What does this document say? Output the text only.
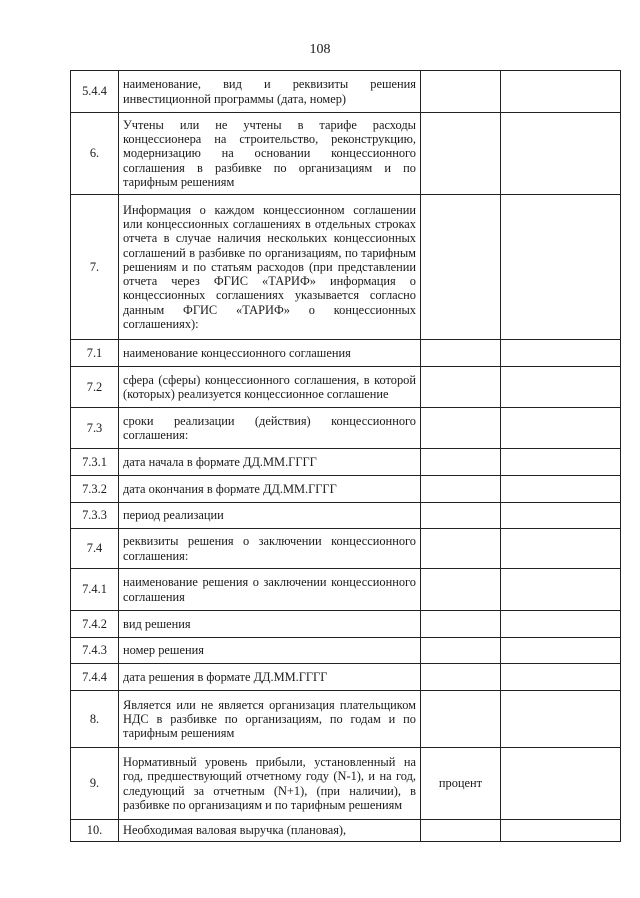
108
5.4.4	наименование, вид и реквизиты решения инвестиционной программы (дата, номер)		
6.	Учтены или не учтены в тарифе расходы концессионера на строительство, реконструкцию, модернизацию на основании концессионного соглашения в разбивке по организациям и по тарифным решениям		
7.	Информация о каждом концессионном соглашении или концессионных соглашениях в отдельных строках отчета в случае наличия нескольких концессионных соглашений в разбивке по организациям, по тарифным решениям и по статьям расходов (при представлении отчета через ФГИС «ТАРИФ» информация о концессионных соглашениях указывается согласно данным ФГИС «ТАРИФ» о концессионных соглашениях):		
7.1	наименование концессионного соглашения		
7.2	сфера (сферы) концессионного соглашения, в которой (которых) реализуется концессионное соглашение		
7.3	сроки реализации (действия) концессионного соглашения:		
7.3.1	дата начала в формате ДД.ММ.ГГГГ		
7.3.2	дата окончания в формате ДД.ММ.ГГГГ		
7.3.3	период реализации		
7.4	реквизиты решения о заключении концессионного соглашения:		
7.4.1	наименование решения о заключении концессионного соглашения		
7.4.2	вид решения		
7.4.3	номер решения		
7.4.4	дата решения в формате ДД.ММ.ГГГГ		
8.	Является или не является организация плательщиком НДС в разбивке по организациям, по годам и по тарифным решениям		
9.	Нормативный уровень прибыли, установленный на год, предшествующий отчетному году (N-1), и на год, следующий за отчетным (N+1), (при наличии), в разбивке по организациям и по тарифным решениям	процент	
10.	Необходимая валовая выручка (плановая),		
